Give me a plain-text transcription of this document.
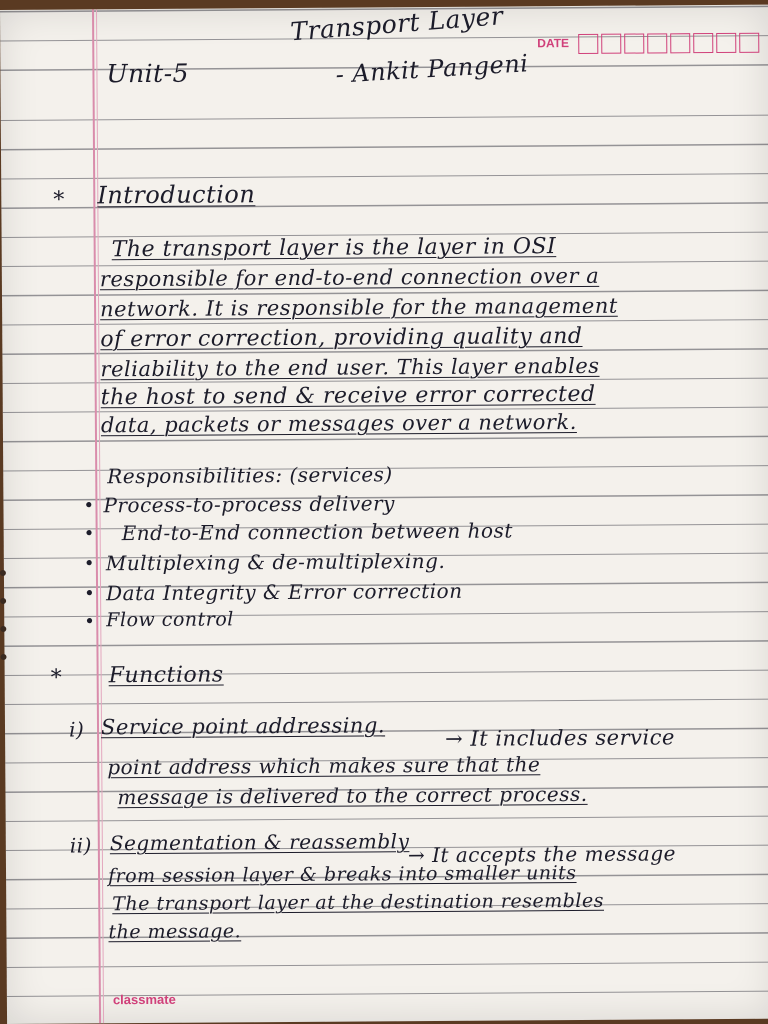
DATE
Unit-5
Transport Layer
- Ankit Pangeni
* Introduction
The transport layer is the layer in OSI
responsible for end-to-end connection over a
network. It is responsible for the management
of error correction, providing quality and
reliability to the end user. This layer enables
the host to send & receive error corrected
data, packets or messages over a network.
Responsibilities: (services)
• Process-to-process delivery
• End-to-End connection between host
• Multiplexing & de-multiplexing.
• Data Integrity & Error correction
• Flow control
* Functions
i) Service point addressing.	→ It includes service
point address which makes sure that the
message is delivered to the correct process.
ii) Segmentation & reassembly
→ It accepts the message
from session layer & breaks into smaller units
The transport layer at the destination resembles
the message.
classmate
